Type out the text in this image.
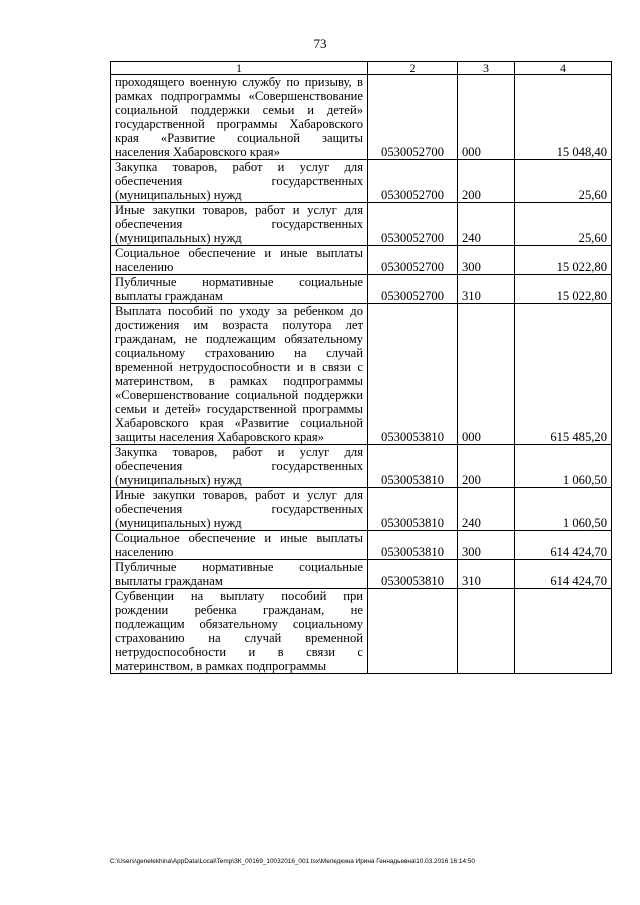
73
1	2	3	4
проходящего военную службу по призыву, в рамках подпрограммы «Совершенствование социальной поддержки семьи и детей» государственной программы Хабаровского края «Развитие социальной защиты населения Хабаровского края»	0530052700	000	15 048,40
Закупка товаров, работ и услуг для обеспечения государственных (муниципальных) нужд	0530052700	200	25,60
Иные закупки товаров, работ и услуг для обеспечения государственных (муниципальных) нужд	0530052700	240	25,60
Социальное обеспечение и иные выплаты населению	0530052700	300	15 022,80
Публичные нормативные социальные выплаты гражданам	0530052700	310	15 022,80
Выплата пособий по уходу за ребенком до достижения им возраста полутора лет гражданам, не подлежащим обязательному социальному страхованию на случай временной нетрудоспособности и в связи с материнством, в рамках подпрограммы «Совершенствование социальной поддержки семьи и детей» государственной программы Хабаровского края «Развитие социальной защиты населения Хабаровского края»	0530053810	000	615 485,20
Закупка товаров, работ и услуг для обеспечения государственных (муниципальных) нужд	0530053810	200	1 060,50
Иные закупки товаров, работ и услуг для обеспечения государственных (муниципальных) нужд	0530053810	240	1 060,50
Социальное обеспечение и иные выплаты населению	0530053810	300	614 424,70
Публичные нормативные социальные выплаты гражданам	0530053810	310	614 424,70
Субвенции на выплату пособий при рождении ребенка гражданам, не подлежащим обязательному социальному страхованию на случай временной нетрудоспособности и в связи с материнством, в рамках подпрограммы			
C:\Users\genelekhina\AppData\Local\Temp\ЗК_00169_10032016_001.tsx\Меледкина Ирина Геннадьевна\10.03.2016 16:14:50
